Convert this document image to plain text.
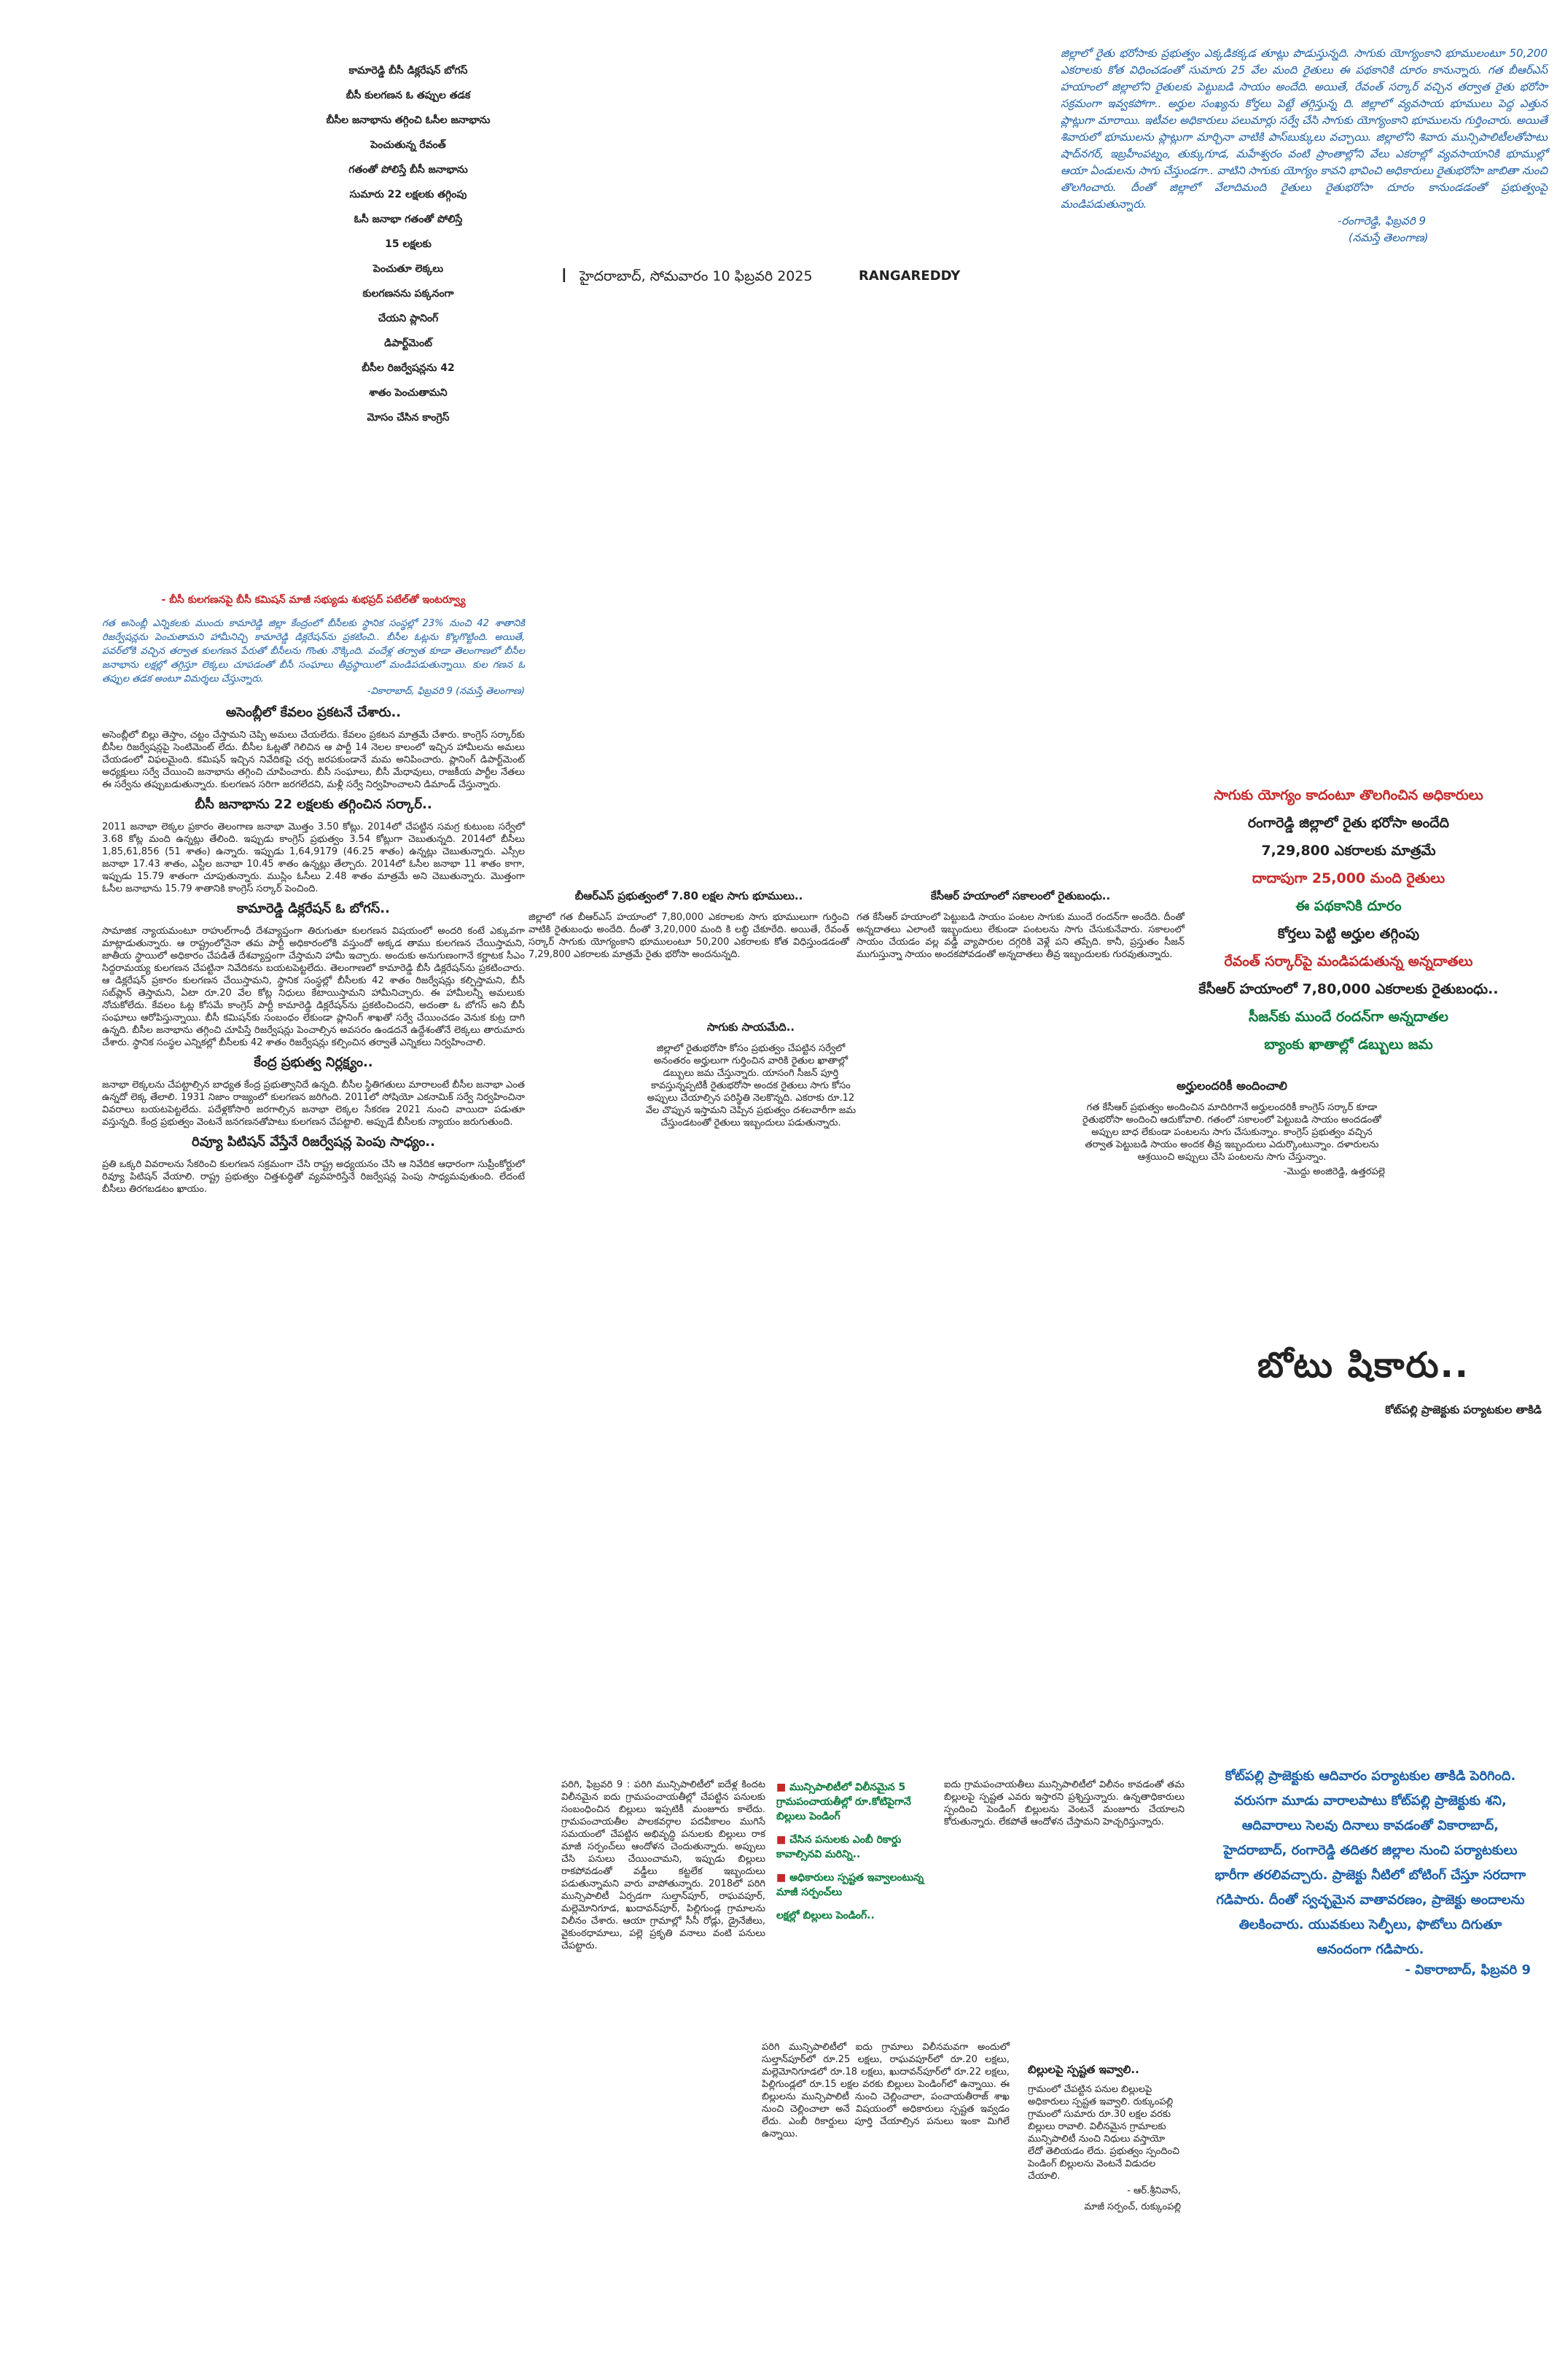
I హైదరాబాద్, సోమవారం 10 ఫిబ్రవరి 2025	RANGAREDDY
కామారెడ్డి బీసీ డిక్లరేషన్ బోగస్
బీసీ కులగణన ఓ తప్పుల తడక
బీసీల జనాభాను తగ్గించి ఓసీల జనాభాను
పెంచుతున్న రేవంత్
గతంతో పోలిస్తే బీసీ జనాభాను
సుమారు 22 లక్షలకు తగ్గింపు
ఓసీ జనాభా గతంతో పోలిస్తే
15 లక్షలకు
పెంచుతూ లెక్కలు
కులగణనను పక్కనంగా
చేయని ప్లానింగ్
డిపార్ట్‌మెంట్
బీసీల రిజర్వేషన్లను 42
శాతం పెంచుతామని
మోసం చేసిన కాంగ్రెస్

జిల్లాలో రైతు భరోసాకు ప్రభుత్వం ఎక్కడికక్కడ తూట్లు పొడుస్తున్నది. సాగుకు యోగ్యంకాని భూములంటూ 50,200 ఎకరాలకు కోత విధించడంతో సుమారు 25 వేల మంది రైతులు ఈ పథకానికి దూరం కానున్నారు. గత బీఆర్ఎస్ హయాంలో జిల్లాలోని రైతులకు పెట్టుబడి సాయం అందేది. అయితే, రేవంత్ సర్కార్ వచ్చిన తర్వాత రైతు భరోసా సక్రమంగా ఇవ్వకపోగా.. అర్హుల సంఖ్యను కోర్తలు పెట్టే తగ్గిస్తున్న ది. జిల్లాలో వ్యవసాయ భూములు పెద్ద ఎత్తున ప్లాట్లుగా మారాయి. ఇటీవల అధికారులు పలుమార్లు సర్వే చేసి సాగుకు యోగ్యంకాని భూములను గుర్తించారు. అయితే శివారులో భూములను ప్లాట్లుగా మార్చినా వాటికి పాస్‌బుక్కులు వచ్చాయి. జిల్లాలోని శివారు మున్సిపాలిటీలతోపాటు షాద్‌నగర్, ఇబ్రహీంపట్నం, తుక్కుగూడ, మహేశ్వరం వంటి ప్రాంతాల్లోని వేలు ఎకరాల్లో వ్యవసాయానికి భూముల్లో ఆయా ఏండులను సాగు చేస్తుండగా.. వాటిని సాగుకు యోగ్యం కావని భావించి అధికారులు రైతుభరోసా జాబితా నుంచి తొలగించారు. దీంతో జిల్లాలో వేలాదిమంది రైతులు రైతుభరోసా దూరం కానుండడంతో ప్రభుత్వంపై మండిపడుతున్నారు.

-రంగారెడ్డి, ఫిబ్రవరి 9
(నమస్తే తెలంగాణ)
- బీసీ కులగణనపై బీసీ కమిషన్ మాజీ సభ్యుడు శుభప్రద్ పటేల్‌తో ఇంటర్వ్యూ

గత అసెంబ్లీ ఎన్నికలకు ముందు కామారెడ్డి జిల్లా కేంద్రంలో బీసీలకు స్థానిక సంస్థల్లో 23% నుంచి 42 శాతానికి రిజర్వేషన్లను పెంచుతామని హామీనిచ్చి కామారెడ్డి డిక్లరేషన్‌ను ప్రకటించి.. బీసీల ఓట్లను కొల్లగొట్టింది. అయితే, పవర్‌లోకి వచ్చిన తర్వాత కులగణన పేరుతో బీసీలను గొంతు నొక్కింది. వందేళ్ల తర్వాత కూడా తెలంగాణలో బీసీల జనాభాను లక్షల్లో తగ్గిస్తూ లెక్కలు చూపడంతో బీసీ సంఘాలు తీవ్రస్థాయిలో మండిపడుతున్నాయి. కుల గణన ఓ తప్పుల తడక అంటూ విమర్శలు చేస్తున్నారు.

-వికారాబాద్, ఫిబ్రవరి 9 (నమస్తే తెలంగాణ)
అసెంబ్లీలో కేవలం ప్రకటనే చేశారు..

అసెంబ్లీలో బిల్లు తెస్తాం, చట్టం చేస్తామని చెప్పి అమలు చేయలేదు. కేవలం ప్రకటన మాత్రమే చేశారు. కాంగ్రెస్ సర్కార్‌కు బీసీల రిజర్వేషన్లపై సెంటిమెంట్ లేదు. బీసీల ఓట్లతో గెలిచిన ఆ పార్టీ 14 నెలల కాలంలో ఇచ్చిన హామీలను అమలు చేయడంలో విఫలమైంది. కమిషన్ ఇచ్చిన నివేదికపై చర్చ జరపకుండానే మమ అనిపించారు. ప్లానింగ్ డిపార్ట్‌మెంట్ అధ్యక్షులు సర్వే చేయించి జనాభాను తగ్గించి చూపించారు. బీసీ సంఘాలు, బీసీ మేధావులు, రాజకీయ పార్టీల నేతలు ఈ సర్వేను తప్పుబడుతున్నారు. కులగణన సరిగా జరగలేదని, మళ్లీ సర్వే నిర్వహించాలని డిమాండ్ చేస్తున్నారు.

బీసీ జనాభాను 22 లక్షలకు తగ్గించిన సర్కార్..

2011 జనాభా లెక్కల ప్రకారం తెలంగాణ జనాభా మొత్తం 3.50 కోట్లు. 2014లో చేపట్టిన సమగ్ర కుటుంబ సర్వేలో 3.68 కోట్ల మంది ఉన్నట్లు తేలింది. ఇప్పుడు కాంగ్రెస్ ప్రభుత్వం 3.54 కోట్లుగా చెబుతున్నది. 2014లో బీసీలు 1,85,61,856 (51 శాతం) ఉన్నారు. ఇప్పుడు 1,64,9179 (46.25 శాతం) ఉన్నట్లు చెబుతున్నారు. ఎస్సీల జనాభా 17.43 శాతం, ఎస్టీల జనాభా 10.45 శాతం ఉన్నట్లు తేల్చారు. 2014లో ఓసీల జనాభా 11 శాతం కాగా, ఇప్పుడు 15.79 శాతంగా చూపుతున్నారు. ముస్లిం ఓసీలు 2.48 శాతం మాత్రమే అని చెబుతున్నారు. మొత్తంగా ఓసీల జనాభాను 15.79 శాతానికి కాంగ్రెస్ సర్కార్ పెంచింది.

కామారెడ్డి డిక్లరేషన్ ఓ బోగస్..

సామాజిక న్యాయమంటూ రాహుల్‌గాంధీ దేశవ్యాప్తంగా తిరుగుతూ కులగణన విషయంలో అందరి కంటే ఎక్కువగా మాట్లాడుతున్నారు. ఆ రాష్ట్రంలోనైనా తమ పార్టీ అధికారంలోకి వస్తుందో అక్కడ తాము కులగణన చేయిస్తామని, జాతీయ స్థాయిలో అధికారం చేపడితే దేశవ్యాప్తంగా చేస్తామని హామీ ఇచ్చారు. అందుకు అనుగుణంగానే కర్ణాటక సీఎం సిద్దరామయ్య కులగణన చేపట్టినా నివేదికను బయటపెట్టలేదు. తెలంగాణలో కామారెడ్డి బీసీ డిక్లరేషన్‌ను ప్రకటించారు. ఆ డిక్లరేషన్ ప్రకారం కులగణన చేయిస్తామని, స్థానిక సంస్థల్లో బీసీలకు 42 శాతం రిజర్వేషన్లు కల్పిస్తామని, బీసీ సబ్‌ప్లాన్ తెస్తామని, ఏటా రూ.20 వేల కోట్ల నిధులు కేటాయిస్తామని హామీనిచ్చారు. ఈ హామీలన్నీ అమలుకు నోచుకోలేదు. కేవలం ఓట్ల కోసమే కాంగ్రెస్ పార్టీ కామారెడ్డి డిక్లరేషన్‌ను ప్రకటించిందని, అదంతా ఓ బోగస్ అని బీసీ సంఘాలు ఆరోపిస్తున్నాయి. బీసీ కమిషన్‌కు సంబంధం లేకుండా ప్లానింగ్ శాఖతో సర్వే చేయించడం వెనుక కుట్ర దాగి ఉన్నది. బీసీల జనాభాను తగ్గించి చూపిస్తే రిజర్వేషన్లు పెంచాల్సిన అవసరం ఉండదనే ఉద్దేశంతోనే లెక్కలు తారుమారు చేశారు. స్థానిక సంస్థల ఎన్నికల్లో బీసీలకు 42 శాతం రిజర్వేషన్లు కల్పించిన తర్వాతే ఎన్నికలు నిర్వహించాలి.

కేంద్ర ప్రభుత్వ నిర్లక్ష్యం..

జనాభా లెక్కలను చేపట్టాల్సిన బాధ్యత కేంద్ర ప్రభుత్వానిదే ఉన్నది. బీసీల స్థితిగతులు మారాలంటే బీసీల జనాభా ఎంత ఉన్నదో లెక్క తేలాలి. 1931 నిజాం రాజ్యంలో కులగణన జరిగింది. 2011లో సోషియో ఎకనామిక్ సర్వే నిర్వహించినా వివరాలు బయటపెట్టలేదు. పదేళ్లకోసారి జరగాల్సిన జనాభా లెక్కల సేకరణ 2021 నుంచి వాయిదా పడుతూ వస్తున్నది. కేంద్ర ప్రభుత్వం వెంటనే జనగణనతోపాటు కులగణన చేపట్టాలి. అప్పుడే బీసీలకు న్యాయం జరుగుతుంది.

రివ్యూ పిటిషన్ వేస్తేనే రిజర్వేషన్ల పెంపు సాధ్యం..

ప్రతి ఒక్కరి వివరాలను సేకరించి కులగణన సక్రమంగా చేసి రాష్ట్ర అధ్యయనం చేసి ఆ నివేదిక ఆధారంగా సుప్రీంకోర్టులో రివ్యూ పిటిషన్ వేయాలి. రాష్ట్ర ప్రభుత్వం చిత్తశుద్ధితో వ్యవహరిస్తేనే రిజర్వేషన్ల పెంపు సాధ్యమవుతుంది. లేదంటే బీసీలు తిరగబడటం ఖాయం.

సాగుకు యోగ్యం కాదంటూ తొలగించిన అధికారులు
రంగారెడ్డి జిల్లాలో రైతు భరోసా అందేది
7,29,800 ఎకరాలకు మాత్రమే
దాదాపుగా 25,000 మంది రైతులు
ఈ పథకానికి దూరం
కోర్తలు పెట్టి అర్హుల తగ్గింపు
రేవంత్ సర్కార్‌పై మండిపడుతున్న అన్నదాతలు
కేసీఆర్ హయాంలో 7,80,000 ఎకరాలకు రైతుబంధు..
సీజన్‌కు ముందే రందన్‌గా అన్నదాతల
బ్యాంకు ఖాతాల్లో డబ్బులు జమ
బీఆర్ఎస్ ప్రభుత్వంలో 7.80 లక్షల సాగు భూములు..

జిల్లాలో గత బీఆర్ఎస్ హయాంలో 7,80,000 ఎకరాలకు సాగు భూములుగా గుర్తించి వాటికి రైతుబంధు అందేది. దీంతో 3,20,000 మంది కి లబ్ధి చేకూరేది. అయితే, రేవంత్ సర్కార్ సాగుకు యోగ్యంకాని భూములంటూ 50,200 ఎకరాలకు కోత విధిస్తుండడంతో 7,29,800 ఎకరాలకు మాత్రమే రైతు భరోసా అందనున్నది.

కేసీఆర్ హయాంలో సకాలంలో రైతుబంధు..

గత కేసీఆర్ హయాంలో పెట్టుబడి సాయం పంటల సాగుకు ముందే రందన్‌గా అందేది. దీంతో అన్నదాతలు ఎలాంటి ఇబ్బందులు లేకుండా పంటలను సాగు చేసుకునేవారు. సకాలంలో సాయం చేయడం వల్ల వడ్డీ వ్యాపారుల దగ్గరికి వెళ్లే పని తప్పేది. కానీ, ప్రస్తుతం సీజన్ ముగుస్తున్నా సాయం అందకపోవడంతో అన్నదాతలు తీవ్ర ఇబ్బందులకు గురవుతున్నారు.

సాగుకు సాయమేది..

జిల్లాలో రైతుభరోసా కోసం ప్రభుత్వం చేపట్టిన సర్వేలో అనంతరం అర్హులుగా గుర్తించిన వారికి రైతుల ఖాతాల్లో డబ్బులు జమ చేస్తున్నారు. యాసంగి సీజన్ పూర్తి కావస్తున్నప్పటికీ రైతుభరోసా అందక రైతులు సాగు కోసం అప్పులు చేయాల్సిన పరిస్థితి నెలకొన్నది. ఎకరాకు రూ.12 వేల చొప్పున ఇస్తామని చెప్పిన ప్రభుత్వం దశలవారీగా జమ చేస్తుండటంతో రైతులు ఇబ్బందులు పడుతున్నారు.

అర్హులందరికీ అందించాలి

గత కేసీఆర్ ప్రభుత్వం అందించిన మాదిరిగానే అర్హులందరికీ కాంగ్రెస్ సర్కార్ కూడా రైతుభరోసా అందించి ఆదుకోవాలి. గతంలో సకాలంలో పెట్టుబడి సాయం అందడంతో అప్పుల బాధ లేకుండా పంటలను సాగు చేసుకున్నాం. కాంగ్రెస్ ప్రభుత్వం వచ్చిన తర్వాత పెట్టుబడి సాయం అందక తీవ్ర ఇబ్బందులు ఎదుర్కొంటున్నాం. దళారులను ఆశ్రయించి అప్పులు చేసి పంటలను సాగు చేస్తున్నాం.

-మొద్దు అంజిరెడ్డి, ఉత్తరపల్లె
బోటు షికారు..
కోట్‌పల్లి ప్రాజెక్టుకు పర్యాటకుల తాకిడి

కోట్‌పల్లి ప్రాజెక్టుకు ఆదివారం పర్యాటకుల తాకిడి పెరిగింది. వరుసగా మూడు వారాలపాటు కోట్‌పల్లి ప్రాజెక్టుకు శని, ఆదివారాలు సెలవు దినాలు కావడంతో వికారాబాద్, హైదరాబాద్, రంగారెడ్డి తదితర జిల్లాల నుంచి పర్యాటకులు భారీగా తరలివచ్చారు. ప్రాజెక్టు నీటిలో బోటింగ్ చేస్తూ సరదాగా గడిపారు. దీంతో స్వచ్ఛమైన వాతావరణం, ప్రాజెక్టు అందాలను తిలకించారు. యువకులు సెల్ఫీలు, ఫొటోలు దిగుతూ ఆనందంగా గడిపారు.

- వికారాబాద్, ఫిబ్రవరి 9
■ మున్సిపాలిటీలో విలీనమైన 5 గ్రామపంచాయతీల్లో రూ.కోటిపైగానే బిల్లులు పెండింగ్
■ చేసిన పనులకు ఎంబీ రికార్డు కావాల్సినవి మరిన్ని..
■ అధికారులు స్పష్టత ఇవ్వాలంటున్న మాజీ సర్పంచ్‌లు
లక్షల్లో బిల్లులు పెండింగ్..

పరిగి, ఫిబ్రవరి 9 : పరిగి మున్సిపాలిటీలో ఐదేళ్ల కిందట విలీనమైన ఐదు గ్రామపంచాయతీల్లో చేపట్టిన పనులకు సంబంధించిన బిల్లులు ఇప్పటికీ మంజూరు కాలేదు. గ్రామపంచాయతీల పాలకవర్గాల పదవీకాలం ముగిసే సమయంలో చేపట్టిన అభివృద్ధి పనులకు బిల్లులు రాక మాజీ సర్పంచ్‌లు ఆందోళన చెందుతున్నారు. అప్పులు చేసి పనులు చేయించామని, ఇప్పుడు బిల్లులు రాకపోవడంతో వడ్డీలు కట్టలేక ఇబ్బందులు పడుతున్నామని వారు వాపోతున్నారు. 2018లో పరిగి మున్సిపాలిటీ ఏర్పడగా సుల్తాన్‌పూర్, రాఘవపూర్, మల్లెమోనిగూడ, ఖుదావన్‌పూర్, పిల్లిగుండ్ల గ్రామాలను విలీనం చేశారు. ఆయా గ్రామాల్లో సీసీ రోడ్లు, డ్రైనేజీలు, వైకుంఠధామాలు, పల్లె ప్రకృతి వనాలు వంటి పనులు చేపట్టారు.

పరిగి మున్సిపాలిటీలో ఐదు గ్రామాలు విలీనమవగా అందులో సుల్తాన్‌పూర్‌లో రూ.25 లక్షలు, రాఘవపూర్‌లో రూ.20 లక్షలు, మల్లెమోనిగూడలో రూ.18 లక్షలు, ఖుదావన్‌పూర్‌లో రూ.22 లక్షలు, పిల్లిగుండ్లలో రూ.15 లక్షల వరకు బిల్లులు పెండింగ్‌లో ఉన్నాయి. ఈ బిల్లులను మున్సిపాలిటీ నుంచి చెల్లించాలా, పంచాయతీరాజ్ శాఖ నుంచి చెల్లించాలా అనే విషయంలో అధికారులు స్పష్టత ఇవ్వడం లేదు. ఎంబీ రికార్డులు పూర్తి చేయాల్సిన పనులు ఇంకా మిగిలే ఉన్నాయి.

ఐదు గ్రామపంచాయతీలు మున్సిపాలిటీలో విలీనం కావడంతో తమ బిల్లులపై స్పష్టత ఎవరు ఇస్తారని ప్రశ్నిస్తున్నారు. ఉన్నతాధికారులు స్పందించి పెండింగ్ బిల్లులను వెంటనే మంజూరు చేయాలని కోరుతున్నారు. లేకపోతే ఆందోళన చేస్తామని హెచ్చరిస్తున్నారు.

బిల్లులపై స్పష్టత ఇవ్వాలి..

గ్రామంలో చేపట్టిన పనుల బిల్లులపై అధికారులు స్పష్టత ఇవ్వాలి. రుక్కుంపల్లి గ్రామంలో సుమారు రూ.30 లక్షల వరకు బిల్లులు రావాలి. విలీనమైన గ్రామాలకు మున్సిపాలిటీ నుంచి నిధులు వస్తాయో లేదో తెలియడం లేదు. ప్రభుత్వం స్పందించి పెండింగ్ బిల్లులను వెంటనే విడుదల చేయాలి.

- ఆర్.శ్రీనివాస్,
మాజీ సర్పంచ్, రుక్కుంపల్లి
